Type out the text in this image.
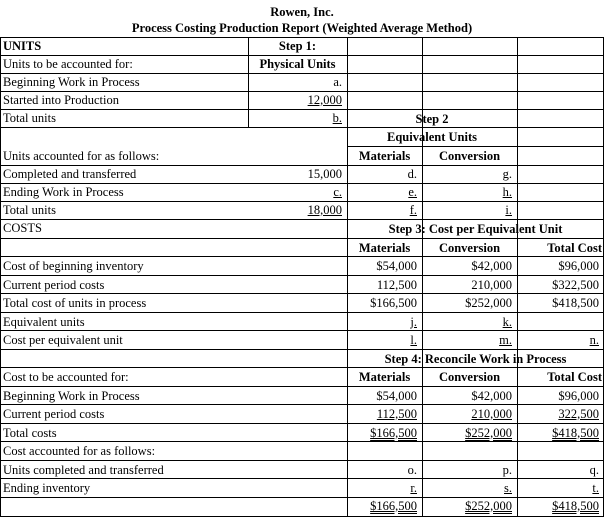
Rowen, Inc.
Process Costing Production Report (Weighted Average Method)
UNITS	Step 1:
Physical Units
Units to be accounted for:
Beginning Work in Process	a.
Started into Production	12,000
Total units	b.	Step 2
Equivalent Units
Materials	Conversion
Units accounted for as follows:
Completed and transferred	15,000	d.	g.
Ending Work in Process	c.	e.	h.
Total units	18,000	f.	i.
COSTS	Step 3: Cost per Equivalent Unit
Materials	Conversion	Total Cost
Cost of beginning inventory	$54,000	$42,000	$96,000
Current period costs	112,500	210,000	$322,500
Total cost of units in process	$166,500	$252,000	$418,500
Equivalent units	j.	k.
Cost per equivalent unit	l.	m.	n.
Step 4: Reconcile Work in Process
Materials	Conversion	Total Cost
Cost to be accounted for:
Beginning Work in Process	$54,000	$42,000	$96,000
Current period costs	112,500	210,000	322,500
Total costs	$166,500	$252,000	$418,500
Cost accounted for as follows:
Units completed and transferred	o.	p.	q.
Ending inventory	r.	s.	t.
$166,500	$252,000	$418,500
